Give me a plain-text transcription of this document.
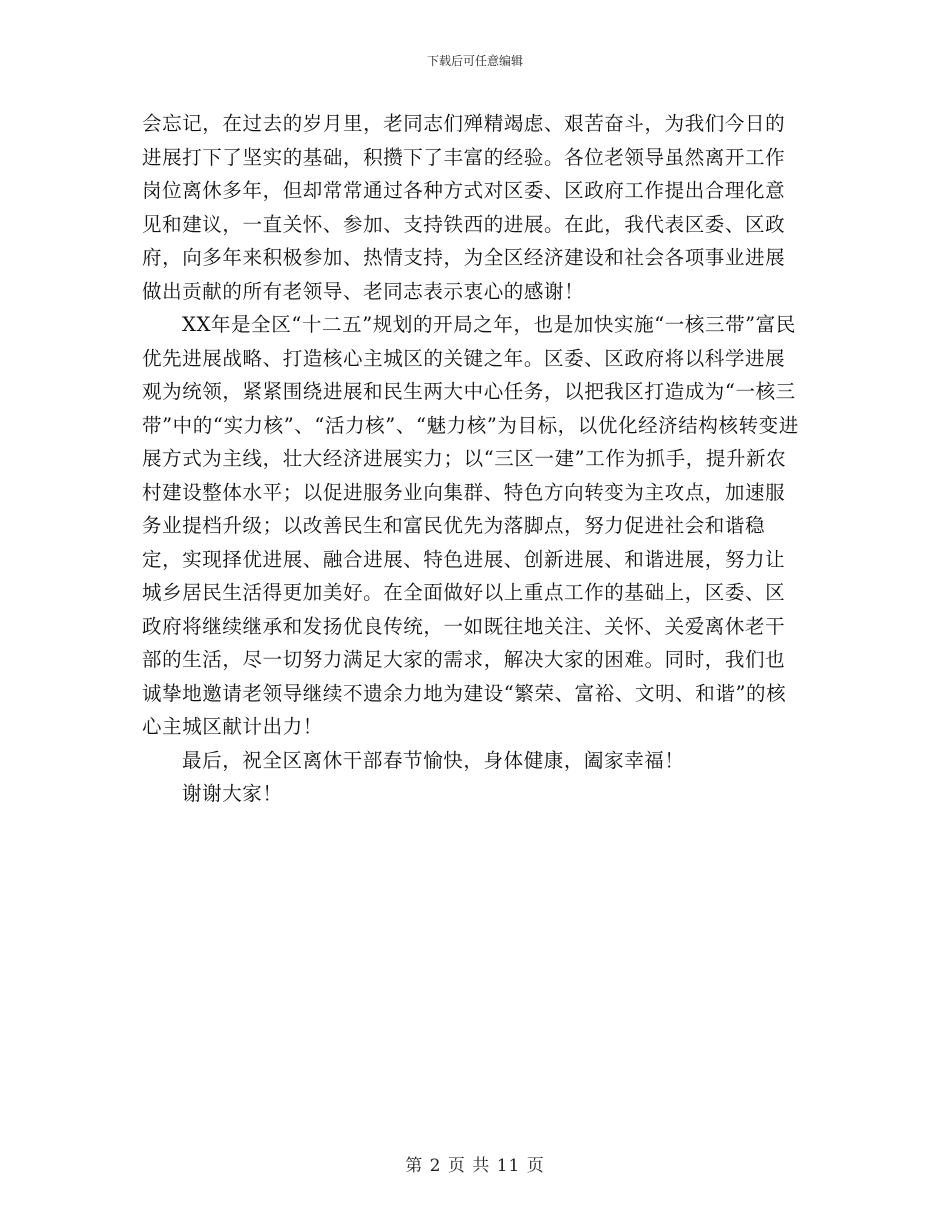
下载后可任意编辑

会忘记，在过去的岁月里，老同志们殚精竭虑、艰苦奋斗，为我们今日的进展打下了坚实的基础，积攒下了丰富的经验。各位老领导虽然离开工作岗位离休多年，但却常常通过各种方式对区委、区政府工作提出合理化意见和建议，一直关怀、参加、支持铁西的进展。在此，我代表区委、区政府，向多年来积极参加、热情支持，为全区经济建设和社会各项事业进展做出贡献的所有老领导、老同志表示衷心的感谢！

XX年是全区“十二五”规划的开局之年，也是加快实施“一核三带”富民优先进展战略、打造核心主城区的关键之年。区委、区政府将以科学进展观为统领，紧紧围绕进展和民生两大中心任务，以把我区打造成为“一核三带”中的“实力核”、“活力核”、“魅力核”为目标，以优化经济结构核转变进展方式为主线，壮大经济进展实力；以“三区一建”工作为抓手，提升新农村建设整体水平；以促进服务业向集群、特色方向转变为主攻点，加速服务业提档升级；以改善民生和富民优先为落脚点，努力促进社会和谐稳定，实现择优进展、融合进展、特色进展、创新进展、和谐进展，努力让城乡居民生活得更加美好。在全面做好以上重点工作的基础上，区委、区政府将继续继承和发扬优良传统，一如既往地关注、关怀、关爱离休老干部的生活，尽一切努力满足大家的需求，解决大家的困难。同时，我们也诚挚地邀请老领导继续不遗余力地为建设“繁荣、富裕、文明、和谐”的核心主城区献计出力！

最后，祝全区离休干部春节愉快，身体健康，阖家幸福！

谢谢大家！

第 2 页 共 11 页
